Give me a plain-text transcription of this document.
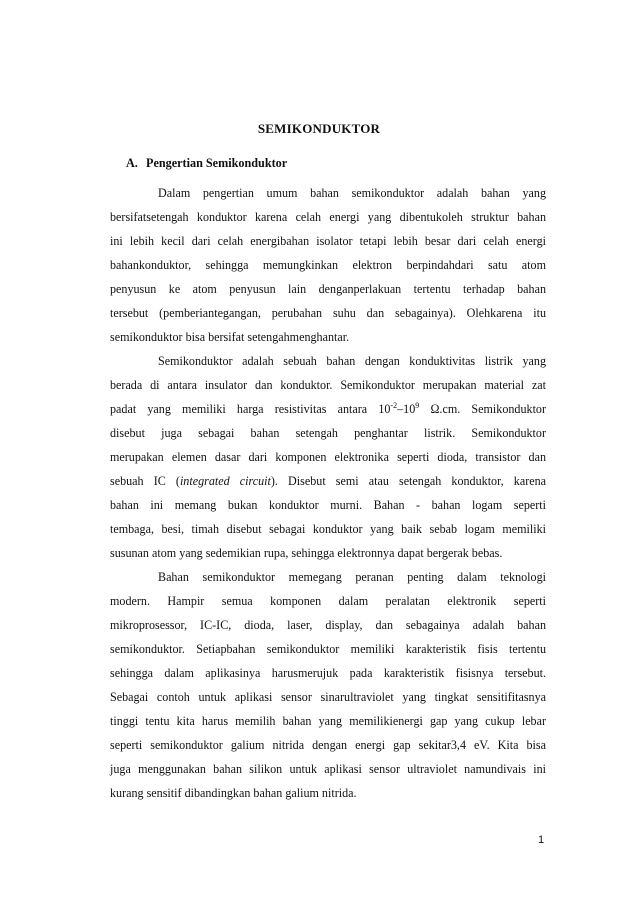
SEMIKONDUKTOR
A. Pengertian Semikonduktor
Dalam pengertian umum bahan semikonduktor adalah bahan yang
bersifatsetengah konduktor karena celah energi yang dibentukoleh struktur bahan
ini lebih kecil dari celah energibahan isolator tetapi lebih besar dari celah energi
bahankonduktor, sehingga memungkinkan elektron berpindahdari satu atom
penyusun ke atom penyusun lain denganperlakuan tertentu terhadap bahan
tersebut (pemberiantegangan, perubahan suhu dan sebagainya). Olehkarena itu
semikonduktor bisa bersifat setengahmenghantar.
Semikonduktor adalah sebuah bahan dengan konduktivitas listrik yang
berada di antara insulator dan konduktor. Semikonduktor merupakan material zat
padat yang memiliki harga resistivitas antara $10^{-2}-10^9$ Ω.cm. Semikonduktor
disebut juga sebagai bahan setengah penghantar listrik. Semikonduktor
merupakan elemen dasar dari komponen elektronika seperti dioda, transistor dan
sebuah IC (integrated circuit). Disebut semi atau setengah konduktor, karena
bahan ini memang bukan konduktor murni. Bahan - bahan logam seperti
tembaga, besi, timah disebut sebagai konduktor yang baik sebab logam memiliki
susunan atom yang sedemikian rupa, sehingga elektronnya dapat bergerak bebas.
Bahan semikonduktor memegang peranan penting dalam teknologi
modern. Hampir semua komponen dalam peralatan elektronik seperti
mikroprosessor, IC-IC, dioda, laser, display, dan sebagainya adalah bahan
semikonduktor. Setiapbahan semikonduktor memiliki karakteristik fisis tertentu
sehingga dalam aplikasinya harusmerujuk pada karakteristik fisisnya tersebut.
Sebagai contoh untuk aplikasi sensor sinarultraviolet yang tingkat sensitifitasnya
tinggi tentu kita harus memilih bahan yang memilikienergi gap yang cukup lebar
seperti semikonduktor galium nitrida dengan energi gap sekitar3,4 eV. Kita bisa
juga menggunakan bahan silikon untuk aplikasi sensor ultraviolet namundivais ini
kurang sensitif dibandingkan bahan galium nitrida.
1
